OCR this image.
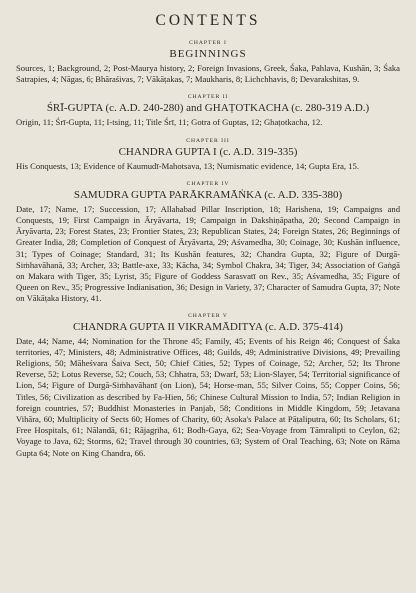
CONTENTS

CHAPTER I

BEGINNINGS

Sources, 1; Background, 2; Post-Maurya history, 2; Foreign Invasions, Greek, Śaka, Pahlava, Kushān, 3; Śaka Satrapies, 4; Nāgas, 6; Bhāraśivas, 7; Vākāṭakas, 7; Maukharis, 8; Lichchhavis, 8; Devarakshitas, 9.

CHAPTER II

ŚRĪ-GUPTA (c. A.D. 240-280) and GHAṬOTKACHA (c. 280-319 A.D.)

Origin, 11; Śrī-Gupta, 11; I-tsing, 11; Title Śrī, 11; Gotra of Guptas, 12; Ghaṭotkacha, 12.

CHAPTER III

CHANDRA GUPTA I (c. A.D. 319-335)

His Conquests, 13; Evidence of Kaumudī-Mahotsava, 13; Numismatic evidence, 14; Gupta Era, 15.

CHAPTER IV

SAMUDRA GUPTA PARĀKRAMĀṄKA (c. A.D. 335-380)

Date, 17; Name, 17; Succession, 17; Allahabad Pillar Inscription, 18; Harishena, 19; Campaigns and Conquests, 19; First Campaign in Āryāvarta, 19; Campaign in Dakshiṇāpatha, 20; Second Campaign in Āryāvarta, 23; Forest States, 23; Frontier States, 23; Republican States, 24; Foreign States, 26; Beginnings of Greater India, 28; Completion of Conquest of Āryāvarta, 29; Aśvamedha, 30; Coinage, 30; Kushān influence, 31; Types of Coinage; Standard, 31; Its Kushān features, 32; Chandra Gupta, 32; Figure of Durgā-Siṁhavāhanā, 33; Archer, 33; Battle-axe, 33; Kācha, 34; Symbol Chakra, 34; Tiger, 34; Association of Gaṅgā on Makara with Tiger, 35; Lyrist, 35; Figure of Goddess Sarasvatī on Rev., 35; Aśvamedha, 35; Figure of Queen on Rev., 35; Progressive Indianisation, 36; Design in Variety, 37; Character of Samudra Gupta, 37; Note on Vākāṭaka History, 41.

CHAPTER V

CHANDRA GUPTA II VIKRAMĀDITYA (c. A.D. 375-414)

Date, 44; Name, 44; Nomination for the Throne 45; Family, 45; Events of his Reign 46; Conquest of Śaka territories, 47; Ministers, 48; Administrative Offices, 48; Guilds, 49; Administrative Divisions, 49; Prevailing Religions, 50; Māheśvara Śaiva Sect, 50; Chief Cities, 52; Types of Coinage, 52; Archer, 52; Its Throne Reverse, 52; Lotus Reverse, 52; Couch, 53; Chhatra, 53; Dwarf, 53; Lion-Slayer, 54; Territorial significance of Lion, 54; Figure of Durgā-Siṁhavāhanī (on Lion), 54; Horse-man, 55; Silver Coins, 55; Copper Coins, 56; Titles, 56; Civilization as described by Fa-Hien, 56; Chinese Cultural Mission to India, 57; Indian Religion in foreign countries, 57; Buddhist Monasteries in Panjab, 58; Conditions in Middle Kingdom, 59; Jetavana Vihāra, 60; Multiplicity of Sects 60; Homes of Charity, 60; Asoka's Palace at Pāṭaliputra, 60; Its Scholars, 61; Free Hospitals, 61; Nālandā, 61; Rājagṛiha, 61; Bodh-Gaya, 62; Sea-Voyage from Tāmralipti to Ceylon, 62; Voyage to Java, 62; Storms, 62; Travel through 30 countries, 63; System of Oral Teaching, 63; Note on Rāma Gupta 64; Note on King Chandra, 66.
